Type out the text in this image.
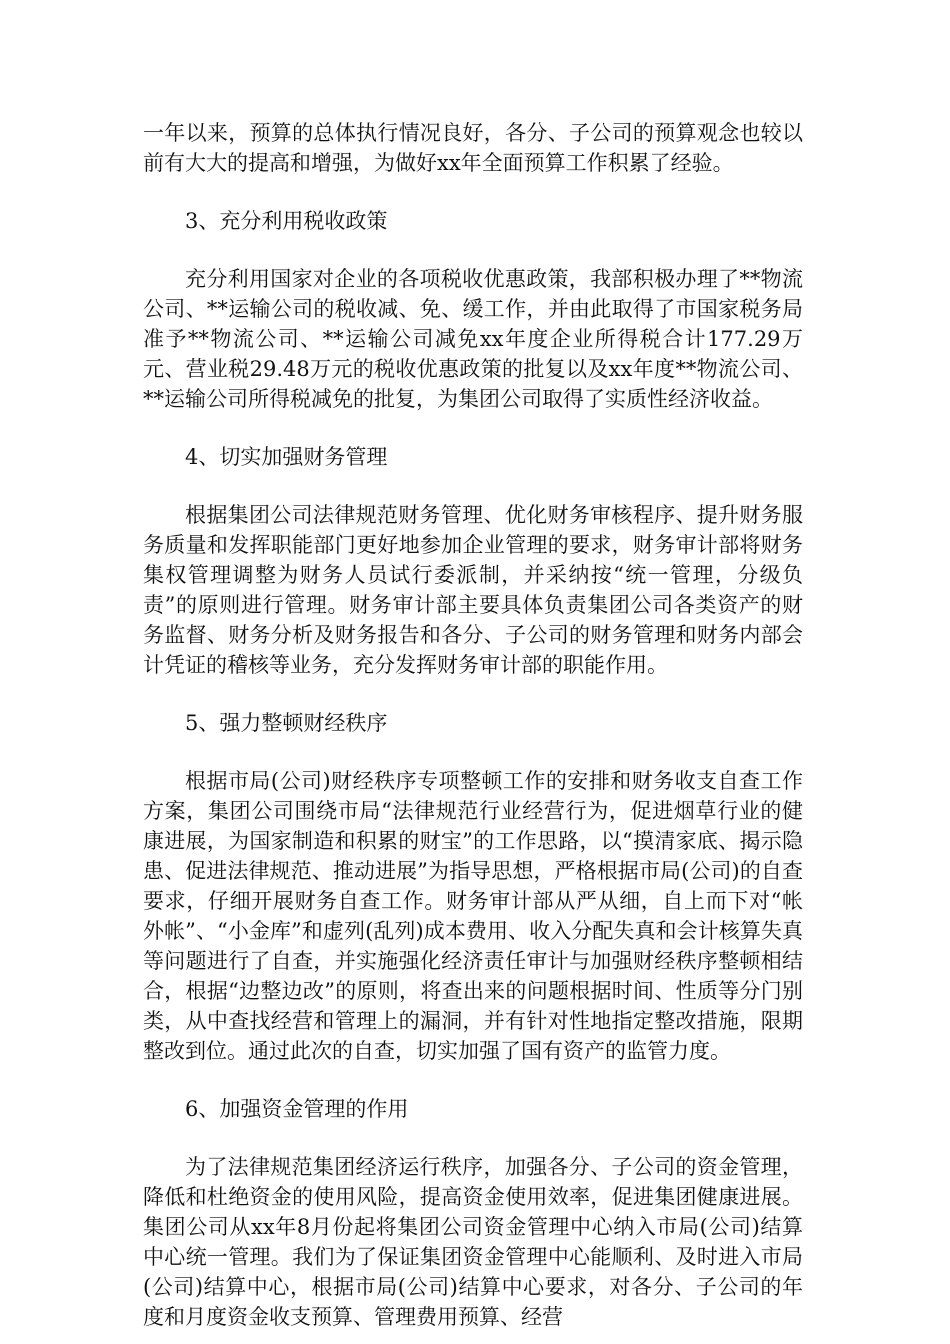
一年以来，预算的总体执行情况良好，各分、子公司的预算观念也较以前有大大的提高和增强，为做好xx年全面预算工作积累了经验。

3、充分利用税收政策

充分利用国家对企业的各项税收优惠政策，我部积极办理了**物流公司、**运输公司的税收减、免、缓工作，并由此取得了市国家税务局准予**物流公司、**运输公司减免xx年度企业所得税合计177.29万元、营业税29.48万元的税收优惠政策的批复以及xx年度**物流公司、**运输公司所得税减免的批复，为集团公司取得了实质性经济收益。

4、切实加强财务管理

根据集团公司法律规范财务管理、优化财务审核程序、提升财务服务质量和发挥职能部门更好地参加企业管理的要求，财务审计部将财务集权管理调整为财务人员试行委派制，并采纳按“统一管理，分级负责”的原则进行管理。财务审计部主要具体负责集团公司各类资产的财务监督、财务分析及财务报告和各分、子公司的财务管理和财务内部会计凭证的稽核等业务，充分发挥财务审计部的职能作用。

5、强力整顿财经秩序

根据市局(公司)财经秩序专项整顿工作的安排和财务收支自查工作方案，集团公司围绕市局“法律规范行业经营行为，促进烟草行业的健康进展，为国家制造和积累的财宝”的工作思路，以“摸清家底、揭示隐患、促进法律规范、推动进展”为指导思想，严格根据市局(公司)的自查要求，仔细开展财务自查工作。财务审计部从严从细，自上而下对“帐外帐”、“小金库”和虚列(乱列)成本费用、收入分配失真和会计核算失真等问题进行了自查，并实施强化经济责任审计与加强财经秩序整顿相结合，根据“边整边改”的原则，将查出来的问题根据时间、性质等分门别类，从中查找经营和管理上的漏洞，并有针对性地指定整改措施，限期整改到位。通过此次的自查，切实加强了国有资产的监管力度。

6、加强资金管理的作用

为了法律规范集团经济运行秩序，加强各分、子公司的资金管理，降低和杜绝资金的使用风险，提高资金使用效率，促进集团健康进展。集团公司从xx年8月份起将集团公司资金管理中心纳入市局(公司)结算中心统一管理。我们为了保证集团资金管理中心能顺利、及时进入市局(公司)结算中心，根据市局(公司)结算中心要求，对各分、子公司的年度和月度资金收支预算、管理费用预算、经营
